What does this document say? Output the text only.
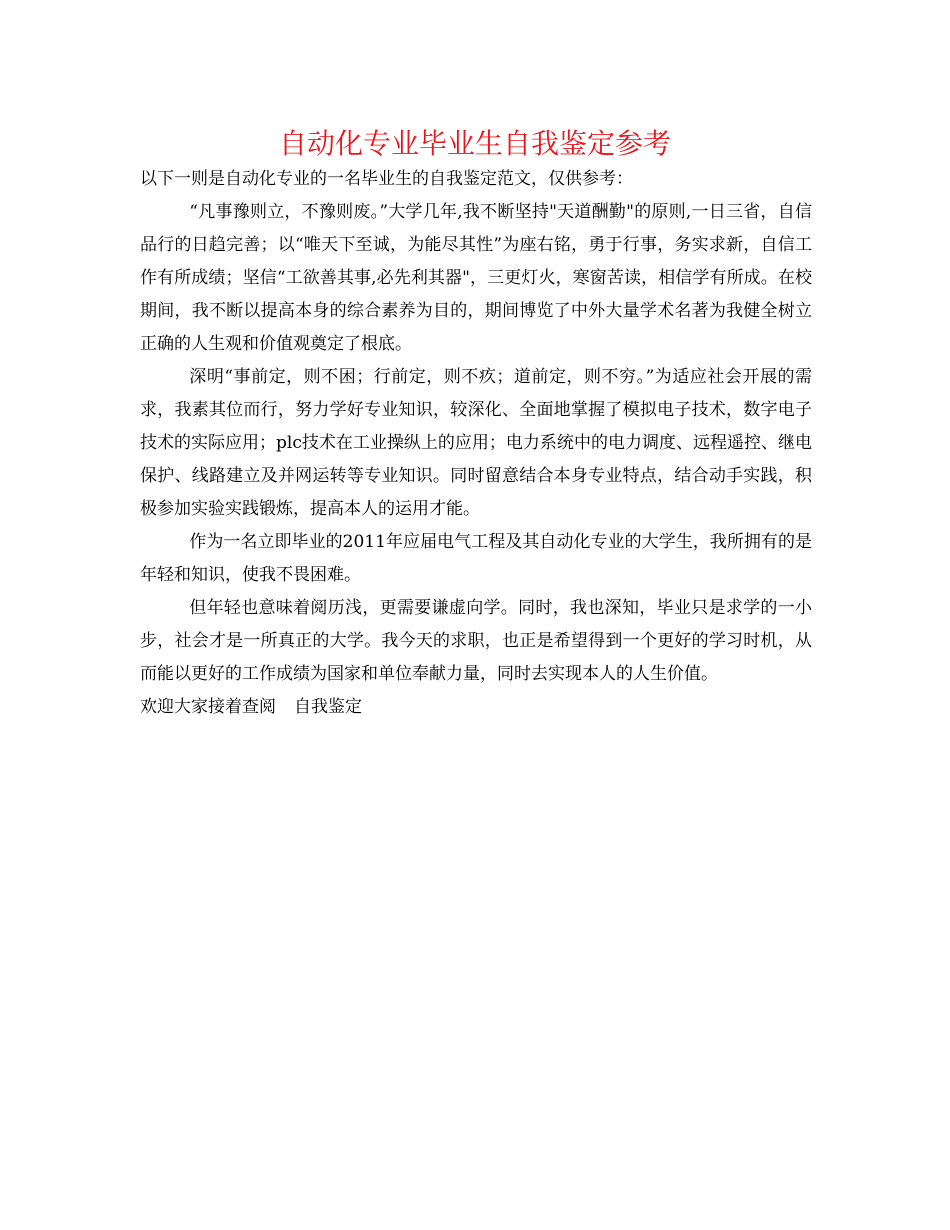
自动化专业毕业生自我鉴定参考

以下一则是自动化专业的一名毕业生的自我鉴定范文，仅供参考：

“凡事豫则立，不豫则废。”大学几年,我不断坚持"天道酬勤"的原则,一日三省，自信品行的日趋完善；以“唯天下至诚，为能尽其性”为座右铭，勇于行事，务实求新，自信工作有所成绩；坚信“工欲善其事,必先利其器"，三更灯火，寒窗苦读，相信学有所成。在校期间，我不断以提高本身的综合素养为目的，期间博览了中外大量学术名著为我健全树立正确的人生观和价值观奠定了根底。

深明“事前定，则不困；行前定，则不疚；道前定，则不穷。”为适应社会开展的需求，我素其位而行，努力学好专业知识，较深化、全面地掌握了模拟电子技术，数字电子技术的实际应用；plc技术在工业操纵上的应用；电力系统中的电力调度、远程遥控、继电保护、线路建立及并网运转等专业知识。同时留意结合本身专业特点，结合动手实践，积极参加实验实践锻炼，提高本人的运用才能。

作为一名立即毕业的2011年应届电气工程及其自动化专业的大学生，我所拥有的是年轻和知识，使我不畏困难。

但年轻也意味着阅历浅，更需要谦虚向学。同时，我也深知，毕业只是求学的一小步，社会才是一所真正的大学。我今天的求职，也正是希望得到一个更好的学习时机，从而能以更好的工作成绩为国家和单位奉献力量，同时去实现本人的人生价值。

欢迎大家接着查阅 自我鉴定
